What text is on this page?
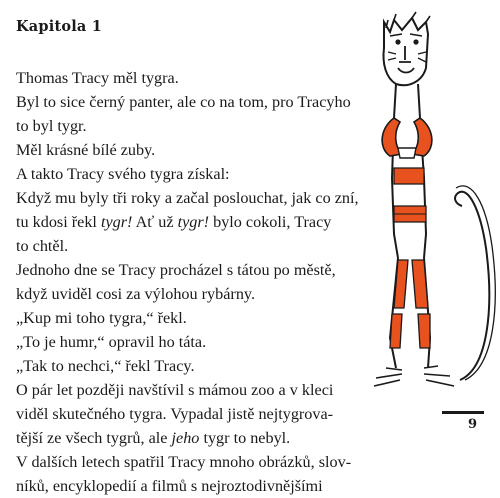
Kapitola 1

Thomas Tracy měl tygra.

Byl to sice černý panter, ale co na tom, pro Tracyho
to byl tygr.

Měl krásné bílé zuby.

A takto Tracy svého tygra získal:

Když mu byly tři roky a začal poslouchat, jak co zní,
tu kdosi řekl tygr! Ať už tygr! bylo cokoli, Tracy
to chtěl.

Jednoho dne se Tracy procházel s tátou po městě,
když uviděl cosi za výlohou rybárny.

„Kup mi toho tygra,“ řekl.

„To je humr,“ opravil ho táta.

„Tak to nechci,“ řekl Tracy.

O pár let později navštívil s mámou zoo a v kleci
viděl skutečného tygra. Vypadal jistě nejtygrova-
tější ze všech tygrů, ale jeho tygr to nebyl.

V dalších letech spatřil Tracy mnoho obrázků, slov-
níků, encyklopedií a filmů s nejroztodivnějšími

9
